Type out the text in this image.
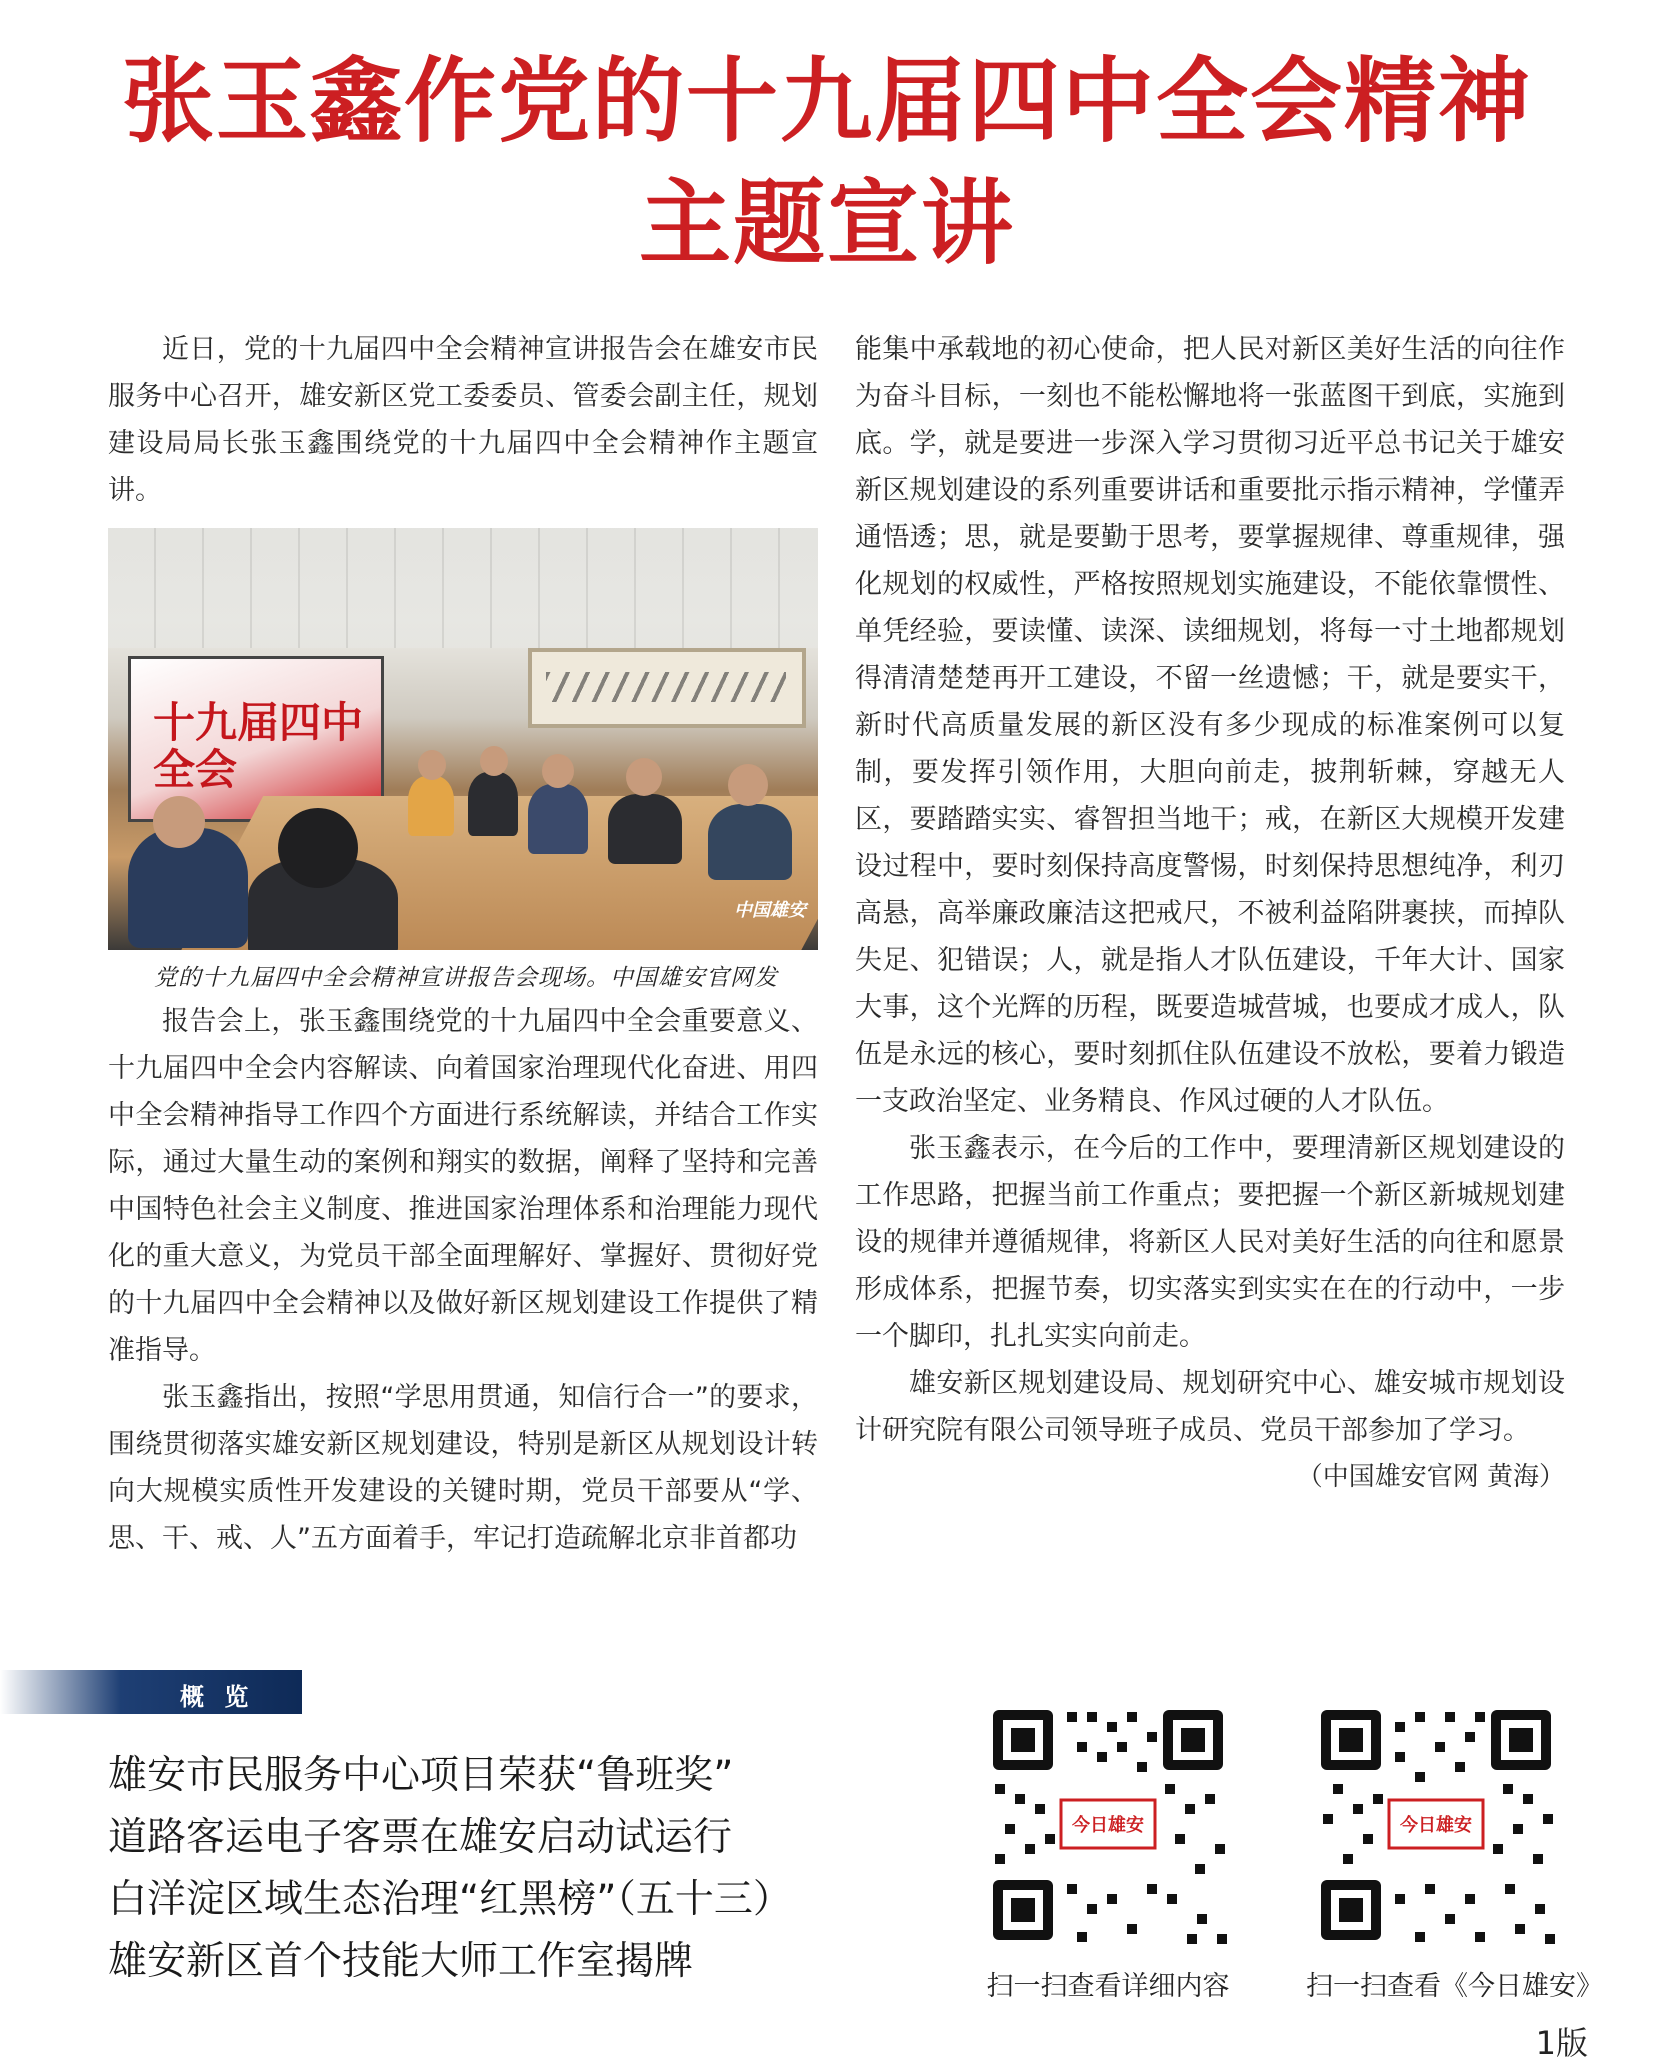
张玉鑫作党的十九届四中全会精神
主题宣讲

近日，党的十九届四中全会精神宣讲报告会在雄安市民服务中心召开，雄安新区党工委委员、管委会副主任，规划建设局局长张玉鑫围绕党的十九届四中全会精神作主题宣讲。

十九届四中全会
中国雄安

党的十九届四中全会精神宣讲报告会现场。中国雄安官网发

报告会上，张玉鑫围绕党的十九届四中全会重要意义、十九届四中全会内容解读、向着国家治理现代化奋进、用四中全会精神指导工作四个方面进行系统解读，并结合工作实际，通过大量生动的案例和翔实的数据，阐释了坚持和完善中国特色社会主义制度、推进国家治理体系和治理能力现代化的重大意义，为党员干部全面理解好、掌握好、贯彻好党的十九届四中全会精神以及做好新区规划建设工作提供了精准指导。

张玉鑫指出，按照“学思用贯通，知信行合一”的要求，围绕贯彻落实雄安新区规划建设，特别是新区从规划设计转向大规模实质性开发建设的关键时期，党员干部要从“学、思、干、戒、人”五方面着手，牢记打造疏解北京非首都功

能集中承载地的初心使命，把人民对新区美好生活的向往作为奋斗目标，一刻也不能松懈地将一张蓝图干到底，实施到底。学，就是要进一步深入学习贯彻习近平总书记关于雄安新区规划建设的系列重要讲话和重要批示指示精神，学懂弄通悟透；思，就是要勤于思考，要掌握规律、尊重规律，强化规划的权威性，严格按照规划实施建设，不能依靠惯性、单凭经验，要读懂、读深、读细规划，将每一寸土地都规划得清清楚楚再开工建设，不留一丝遗憾；干，就是要实干，新时代高质量发展的新区没有多少现成的标准案例可以复制，要发挥引领作用，大胆向前走，披荆斩棘，穿越无人区，要踏踏实实、睿智担当地干；戒，在新区大规模开发建设过程中，要时刻保持高度警惕，时刻保持思想纯净，利刃高悬，高举廉政廉洁这把戒尺，不被利益陷阱裹挟，而掉队失足、犯错误；人，就是指人才队伍建设，千年大计、国家大事，这个光辉的历程，既要造城营城，也要成才成人，队伍是永远的核心，要时刻抓住队伍建设不放松，要着力锻造一支政治坚定、业务精良、作风过硬的人才队伍。

张玉鑫表示，在今后的工作中，要理清新区规划建设的工作思路，把握当前工作重点；要把握一个新区新城规划建设的规律并遵循规律，将新区人民对美好生活的向往和愿景形成体系，把握节奏，切实落实到实实在在的行动中，一步一个脚印，扎扎实实向前走。

雄安新区规划建设局、规划研究中心、雄安城市规划设计研究院有限公司领导班子成员、党员干部参加了学习。

（中国雄安官网 黄海）

概 览
雄安市民服务中心项目荣获“鲁班奖”
道路客运电子客票在雄安启动试运行
白洋淀区域生态治理“红黑榜”（五十三）
雄安新区首个技能大师工作室揭牌
今日雄安
扫一扫查看详细内容
今日雄安
扫一扫查看《今日雄安》
1版
